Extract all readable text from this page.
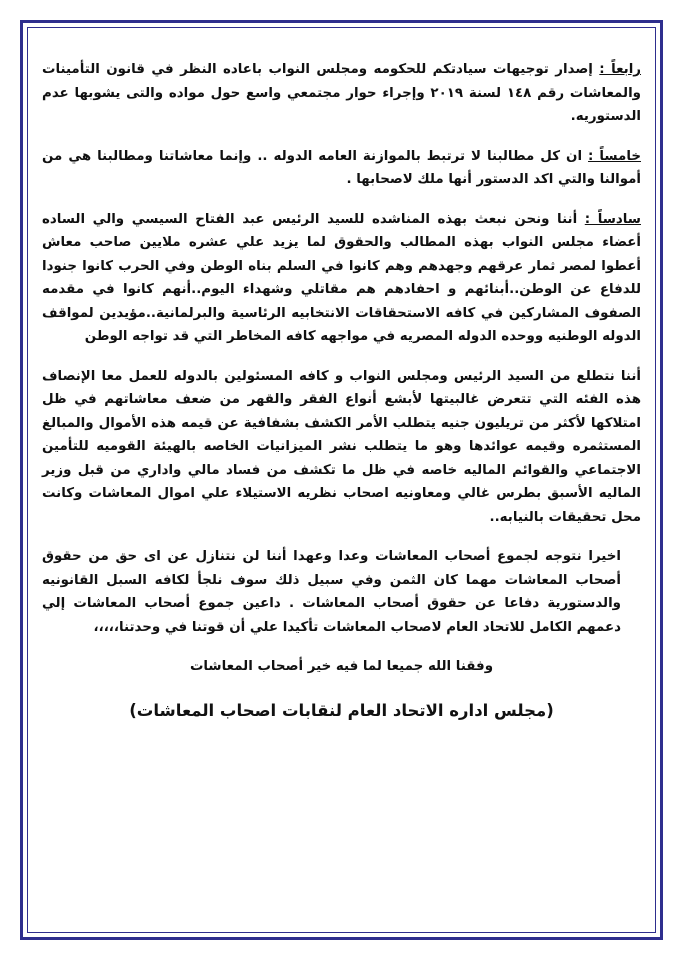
رابعاً : إصدار توجيهات سيادتكم للحكومه ومجلس النواب باعاده النظر في قانون التأمينات والمعاشات رقم ١٤٨ لسنة ٢٠١٩ وإجراء حوار مجتمعي واسع حول مواده والتى يشوبها عدم الدستوريه.

خامساً : ان كل مطالبنا لا ترتبط بالموازنة العامه الدوله .. وإنما معاشاتنا ومطالبنا هي من أموالنا والتي اكد الدستور أنها ملك لاصحابها .

سادساً : أننا ونحن نبعث بهذه المناشده للسيد الرئيس عبد الفتاح السيسي والي الساده أعضاء مجلس النواب بهذه المطالب والحقوق لما يزيد علي عشره ملايين صاحب معاش أعطوا لمصر ثمار عرقهم وجهدهم وهم كانوا في السلم بناه الوطن وفي الحرب كانوا جنودا للدفاع عن الوطن..أبنائهم و احفادهم هم مقاتلي وشهداء اليوم..أنهم كانوا في مقدمه الصفوف المشاركين في كافه الاستحقاقات الانتخابيه الرئاسية والبرلمانية..مؤيدين لمواقف الدوله الوطنيه ووحده الدوله المصريه في مواجهه كافه المخاطر التي قد تواجه الوطن

أننا نتطلع من السيد الرئيس ومجلس النواب و كافه المسئولين بالدوله للعمل معا الإنصاف هذه الفئه التي تتعرض غالبيتها لأبشع أنواع الفقر والقهر من ضعف معاشاتهم في ظل امتلاكها لأكثر من تريليون جنيه يتطلب الأمر الكشف بشفافية عن قيمه هذه الأموال والمبالغ المستثمره وقيمه عوائدها وهو ما يتطلب نشر الميزانيات الخاصه بالهيئة القوميه للتأمين الاجتماعي والقوائم الماليه خاصه في ظل ما تكشف من فساد مالي واداري من قبل وزير الماليه الأسبق بطرس غالي ومعاونيه اصحاب نظريه الاستيلاء علي اموال المعاشات وكانت محل تحقيقات بالنيابه..

اخيرا نتوجه لجموع أصحاب المعاشات وعدا وعهدا أننا لن نتنازل عن اى حق من حقوق أصحاب المعاشات مهما كان الثمن وفي سبيل ذلك سوف نلجأ لكافه السبل القانونيه والدستورية دفاعا عن حقوق أصحاب المعاشات . داعين جموع أصحاب المعاشات إلي دعمهم الكامل للاتحاد العام لاصحاب المعاشات تأكيدا علي أن قوتنا في وحدتنا،،،،،

وفقنا الله جميعا لما فيه خير أصحاب المعاشات
(مجلس اداره الاتحاد العام لنقابات اصحاب المعاشات)
